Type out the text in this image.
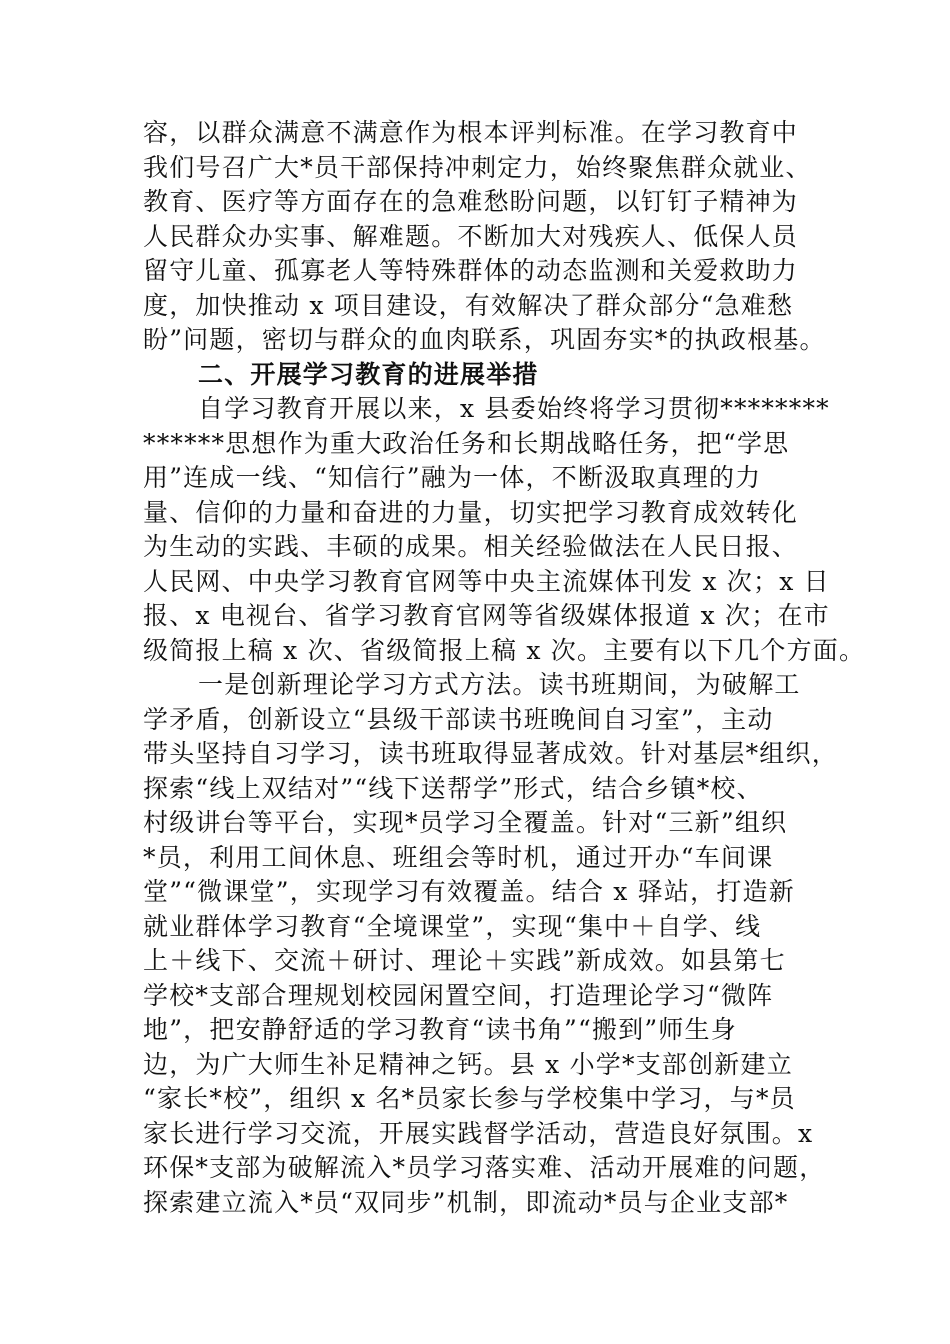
容，以群众满意不满意作为根本评判标准。在学习教育中
我们号召广大*员干部保持冲刺定力，始终聚焦群众就业、
教育、医疗等方面存在的急难愁盼问题，以钉钉子精神为
人民群众办实事、解难题。不断加大对残疾人、低保人员
留守儿童、孤寡老人等特殊群体的动态监测和关爱救助力
度，加快推动 x 项目建设，有效解决了群众部分“急难愁
盼”问题，密切与群众的血肉联系，巩固夯实*的执政根基。
二、开展学习教育的进展举措
自学习教育开展以来，x 县委始终将学习贯彻********
******思想作为重大政治任务和长期战略任务，把“学思
用”连成一线、“知信行”融为一体，不断汲取真理的力
量、信仰的力量和奋进的力量，切实把学习教育成效转化
为生动的实践、丰硕的成果。相关经验做法在人民日报、
人民网、中央学习教育官网等中央主流媒体刊发 x 次；x 日
报、x 电视台、省学习教育官网等省级媒体报道 x 次；在市
级简报上稿 x 次、省级简报上稿 x 次。主要有以下几个方面。
一是创新理论学习方式方法。读书班期间，为破解工
学矛盾，创新设立“县级干部读书班晚间自习室”，主动
带头坚持自习学习，读书班取得显著成效。针对基层*组织，
探索“线上双结对”“线下送帮学”形式，结合乡镇*校、
村级讲台等平台，实现*员学习全覆盖。针对“三新”组织
*员，利用工间休息、班组会等时机，通过开办“车间课
堂”“微课堂”，实现学习有效覆盖。结合 x 驿站，打造新
就业群体学习教育“全境课堂”，实现“集中＋自学、线
上＋线下、交流＋研讨、理论＋实践”新成效。如县第七
学校*支部合理规划校园闲置空间，打造理论学习“微阵
地”，把安静舒适的学习教育“读书角”“搬到”师生身
边，为广大师生补足精神之钙。县 x 小学*支部创新建立
“家长*校”，组织 x 名*员家长参与学校集中学习，与*员
家长进行学习交流，开展实践督学活动，营造良好氛围。x
环保*支部为破解流入*员学习落实难、活动开展难的问题，
探索建立流入*员“双同步”机制，即流动*员与企业支部*
